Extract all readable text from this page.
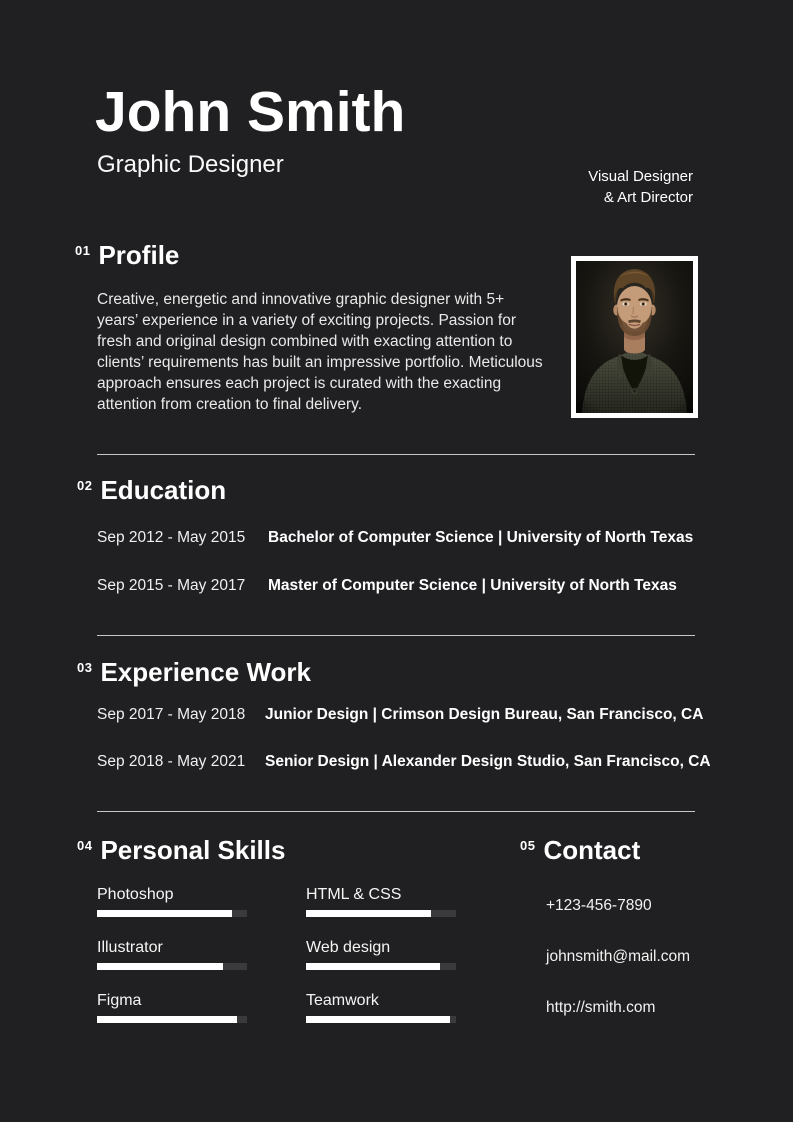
John Smith
Graphic Designer	Visual Designer
& Art Director
01 Profile
Creative, energetic and innovative graphic designer with 5+ years’ experience in a variety of exciting projects. Passion for fresh and original design combined with exacting attention to clients’ requirements has built an impressive portfolio. Meticulous approach ensures each project is curated with the exacting attention from creation to final delivery.
02 Education
Sep 2012 - May 2015 Bachelor of Computer Science | University of North Texas
Sep 2015 - May 2017 Master of Computer Science | University of North Texas
03 Experience Work
Sep 2017 - May 2018 Junior Design | Crimson Design Bureau, San Francisco, CA
Sep 2018 - May 2021 Senior Design | Alexander Design Studio, San Francisco, CA
04 Personal Skills
Photoshop
Illustrator
Figma
HTML & CSS
Web design
Teamwork
05 Contact
+123-456-7890
johnsmith@mail.com
http://smith.com
